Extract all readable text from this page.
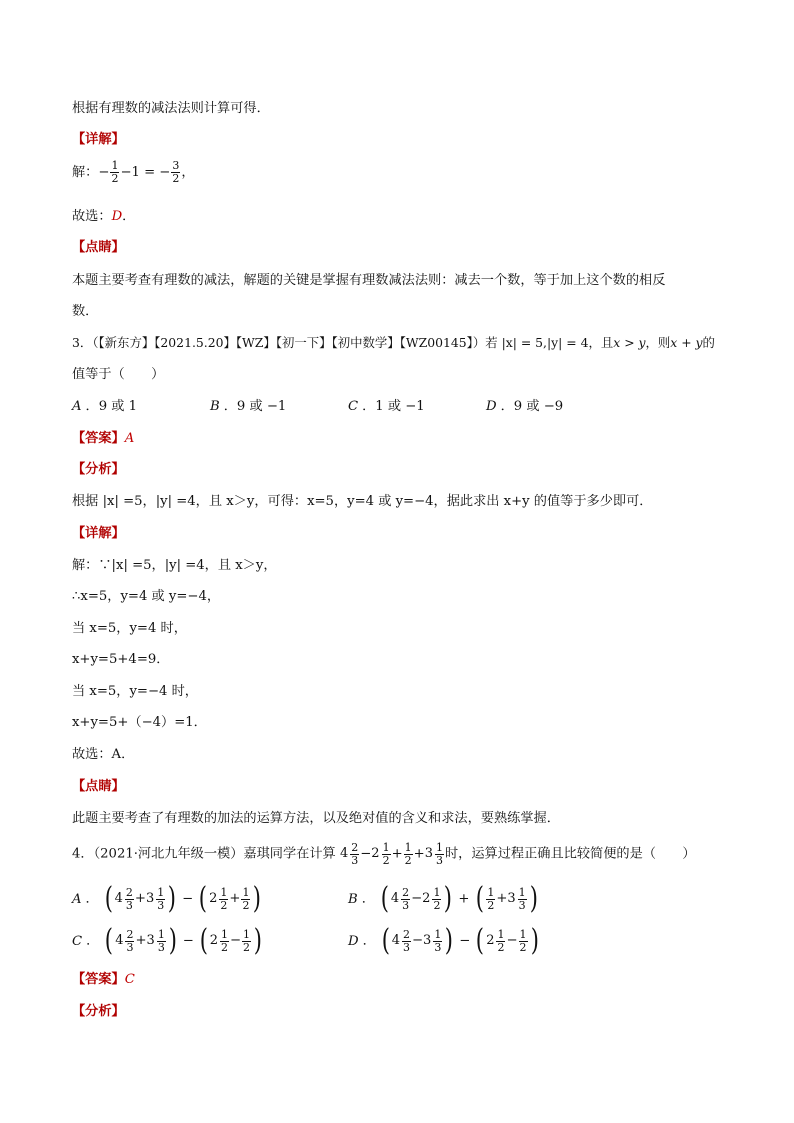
根据有理数的减法法则计算可得．
【详解】
解：− $\frac{1}{2} -1$ = − $\frac{3}{2}$ ，
故选：D．
【点睛】
本题主要考查有理数的减法，解题的关键是掌握有理数减法法则：减去一个数，等于加上这个数的相反
数．
3．（【新东方】【2021.5.20】【WZ】【初一下】【初中数学】【WZ00145】）若 |x| = 5,|y| = 4，且x > y，则x + y的
值等于（　　）
A ．9 或 1	B ．9 或 −1	C ．1 或 −1	D ．9 或 −9
【答案】A
【分析】
根据 |x| =5，|y| =4，且 x＞y，可得：x=5，y=4 或 y=−4，据此求出 x+y 的值等于多少即可．
【详解】
解：∵|x| =5，|y| =4，且 x＞y，
∴x=5，y=4 或 y=−4，
当 x=5，y=4 时，
x+y=5+4=9．
当 x=5，y=−4 时，
x+y=5+（−4）=1．
故选：A．
【点睛】
此题主要考查了有理数的加法的运算方法，以及绝对值的含义和求法，要熟练掌握．
4．（2021·河北九年级一模）嘉琪同学在计算 $4 \frac{2}{3} - 2 \frac{1}{2} + \frac{1}{2} + 3 \frac{1}{3}$ 时，运算过程正确且比较简便的是（　　）
A ． ( $4 \frac{2}{3} + 3 \frac{1}{3}$ ) − ( $2 \frac{1}{2} + \frac{1}{2}$ )	B ． ( $4 \frac{2}{3} - 2 \frac{1}{2}$ ) + ( $\frac{1}{2} + 3 \frac{1}{3}$ )
C ． ( $4 \frac{2}{3} + 3 \frac{1}{3}$ ) − ( $2 \frac{1}{2} - \frac{1}{2}$ )	D ． ( $4 \frac{2}{3} - 3 \frac{1}{3}$ ) − ( $2 \frac{1}{2} - \frac{1}{2}$ )
【答案】C
【分析】
